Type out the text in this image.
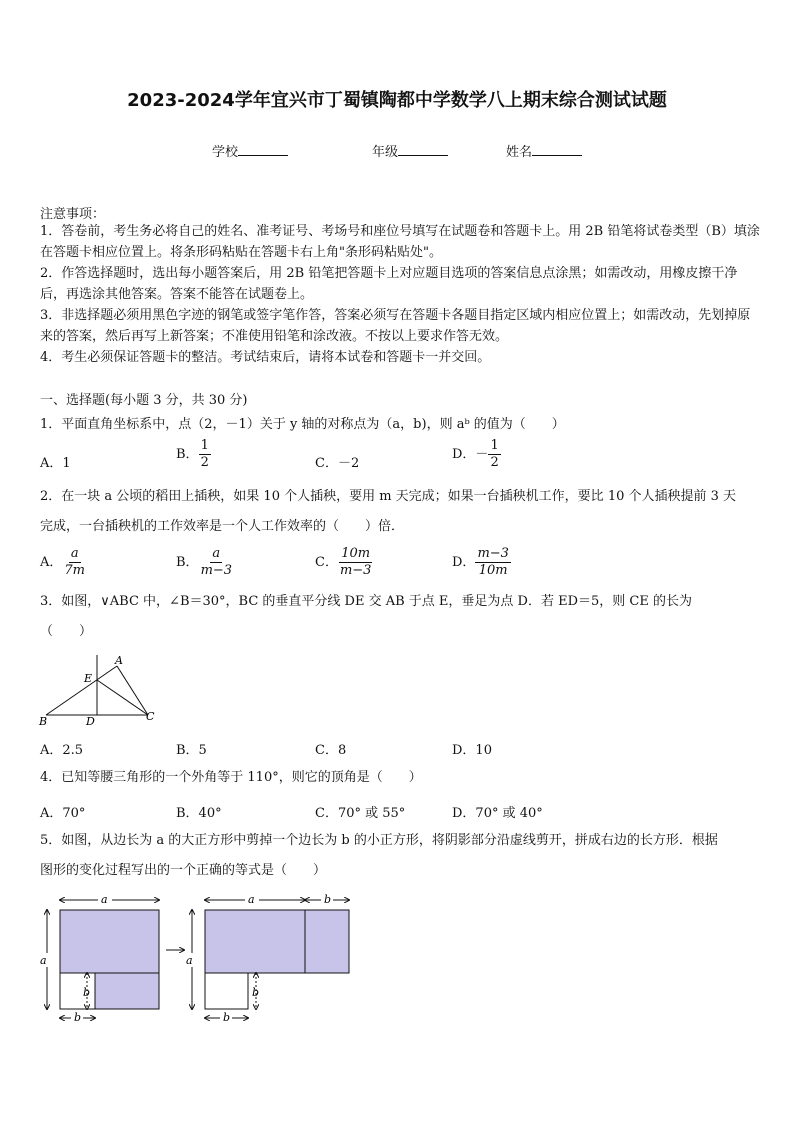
2023-2024学年宜兴市丁蜀镇陶都中学数学八上期末综合测试试题
学校	年级	姓名
注意事项：
1．答卷前，考生务必将自己的姓名、准考证号、考场号和座位号填写在试题卷和答题卡上。用 2B 铅笔将试卷类型（B）填涂在答题卡相应位置上。将条形码粘贴在答题卡右上角"条形码粘贴处"。
2．作答选择题时，选出每小题答案后，用 2B 铅笔把答题卡上对应题目选项的答案信息点涂黑；如需改动，用橡皮擦干净后，再选涂其他答案。答案不能答在试题卷上。
3．非选择题必须用黑色字迹的钢笔或签字笔作答，答案必须写在答题卡各题目指定区域内相应位置上；如需改动，先划掉原来的答案，然后再写上新答案；不准使用铅笔和涂改液。不按以上要求作答无效。
4．考生必须保证答题卡的整洁。考试结束后，请将本试卷和答题卡一并交回。
一、选择题(每小题 3 分，共 30 分)
1．平面直角坐标系中，点（2，－1）关于 y 轴的对称点为（a，b)，则 aᵇ 的值为（　　）
A．1
B． $\frac{1}{2}$	C．－2
D．－ $\frac{1}{2}$
2．在一块 a 公顷的稻田上插秧，如果 10 个人插秧，要用 m 天完成；如果一台插秧机工作，要比 10 个人插秧提前 3 天
完成，一台插秧机的工作效率是一个人工作效率的（　　）倍．
A． $\frac{a}{7m}$	B． $\frac{a}{m-3}$	C． $\frac{10m}{m-3}$	D． $\frac{m-3}{10m}$
3．如图，∨ABC 中，∠B＝30°，BC 的垂直平分线 DE 交 AB 于点 E，垂足为点 D．若 ED＝5，则 CE 的长为
（　　）
A
E
B	D	C
A．2.5	B．5	C．8	D．10
4．已知等腰三角形的一个外角等于 110°，则它的顶角是（　　）
A．70°	B．40°	C．70° 或 55°	D．70° 或 40°
5．如图，从边长为 a 的大正方形中剪掉一个边长为 b 的小正方形，将阴影部分沿虚线剪开，拼成右边的长方形．根据
图形的变化过程写出的一个正确的等式是（　　）
a
a
b
b
a	b
a
b
b
